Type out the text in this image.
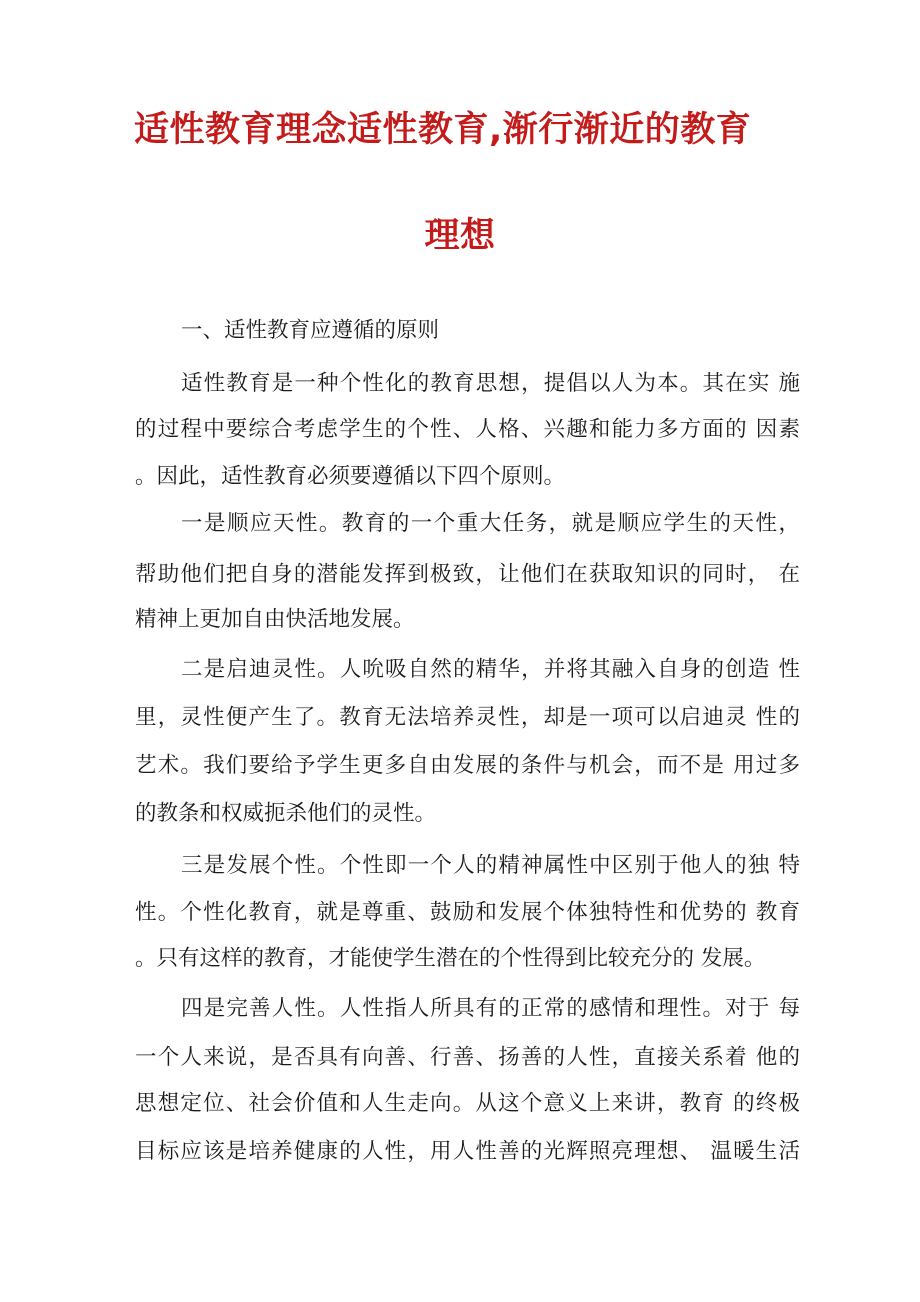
适性教育理念适性教育,渐行渐近的教育
理想
一、适性教育应遵循的原则
适性教育是一种个性化的教育思想，提倡以人为本。其在实 施
的过程中要综合考虑学生的个性、人格、兴趣和能力多方面的 因素
。因此，适性教育必须要遵循以下四个原则。
一是顺应天性。教育的一个重大任务，就是顺应学生的天性，
帮助他们把自身的潜能发挥到极致，让他们在获取知识的同时， 在
精神上更加自由快活地发展。
二是启迪灵性。人吮吸自然的精华，并将其融入自身的创造 性
里，灵性便产生了。教育无法培养灵性，却是一项可以启迪灵 性的
艺术。我们要给予学生更多自由发展的条件与机会，而不是 用过多
的教条和权威扼杀他们的灵性。
三是发展个性。个性即一个人的精神属性中区别于他人的独 特
性。个性化教育，就是尊重、鼓励和发展个体独特性和优势的 教育
。只有这样的教育，才能使学生潜在的个性得到比较充分的 发展。
四是完善人性。人性指人所具有的正常的感情和理性。对于 每
一个人来说，是否具有向善、行善、扬善的人性，直接关系着 他的
思想定位、社会价值和人生走向。从这个意义上来讲，教育 的终极
目标应该是培养健康的人性，用人性善的光辉照亮理想、 温暖生活
